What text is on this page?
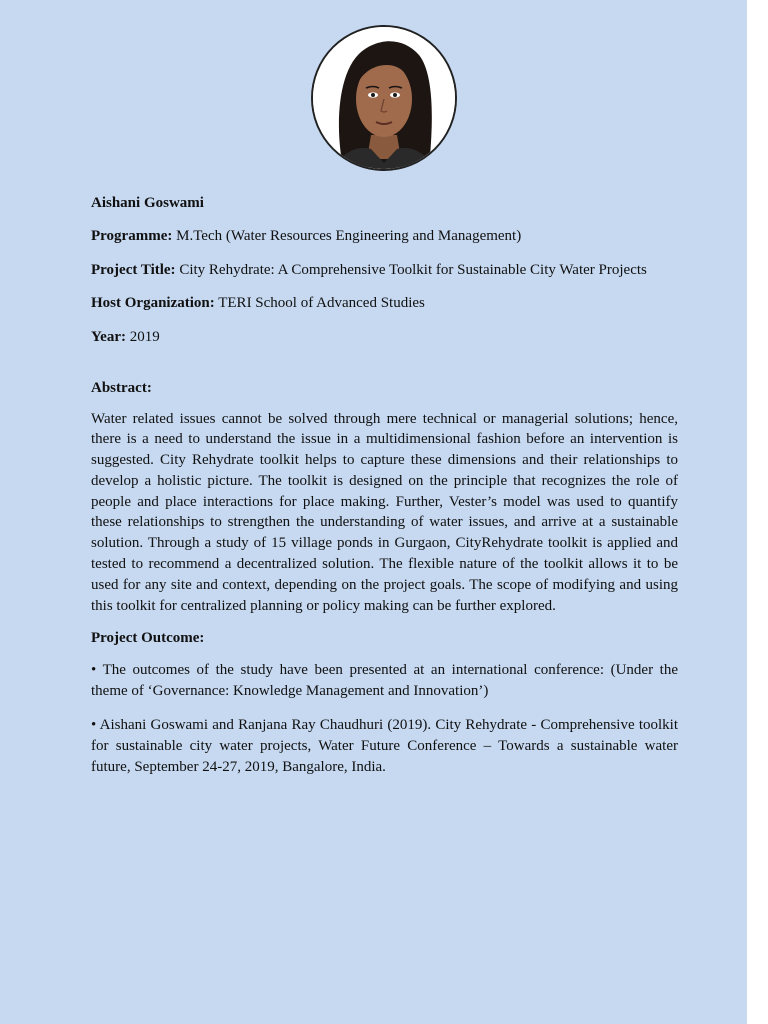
Aishani Goswami

Programme: M.Tech (Water Resources Engineering and Management)

Project Title: City Rehydrate: A Comprehensive Toolkit for Sustainable City Water Projects

Host Organization: TERI School of Advanced Studies

Year: 2019

Abstract:

Water related issues cannot be solved through mere technical or managerial solutions; hence, there is a need to understand the issue in a multidimensional fashion before an intervention is suggested. City Rehydrate toolkit helps to capture these dimensions and their relationships to develop a holistic picture. The toolkit is designed on the principle that recognizes the role of people and place interactions for place making. Further, Vester’s model was used to quantify these relationships to strengthen the understanding of water issues, and arrive at a sustainable solution. Through a study of 15 village ponds in Gurgaon, CityRehydrate toolkit is applied and tested to recommend a decentralized solution. The flexible nature of the toolkit allows it to be used for any site and context, depending on the project goals. The scope of modifying and using this toolkit for centralized planning or policy making can be further explored.

Project Outcome:

• The outcomes of the study have been presented at an international conference: (Under the theme of ‘Governance: Knowledge Management and Innovation’)

• Aishani Goswami and Ranjana Ray Chaudhuri (2019). City Rehydrate - Comprehensive toolkit for sustainable city water projects, Water Future Conference – Towards a sustainable water future, September 24-27, 2019, Bangalore, India.
